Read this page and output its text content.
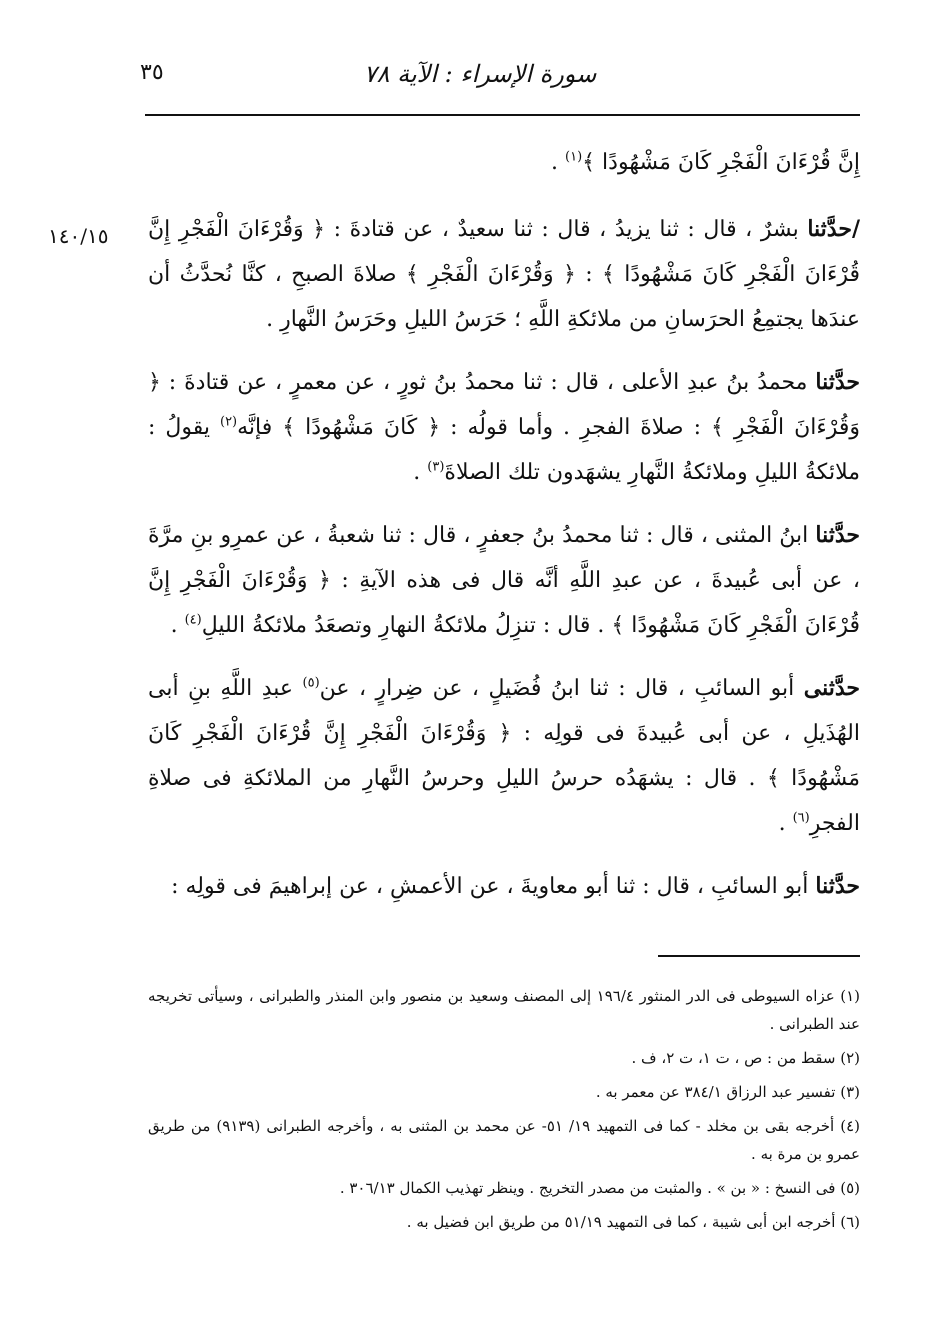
سورة الإسراء : الآية ٧٨
٣٥
١٤٠/١٥

إِنَّ قُرْءَانَ الْفَجْرِ كَانَ مَشْهُودًا ﴾$^{(١)}$ .

/حدَّثنا بشرٌ ، قال : ثنا يزيدُ ، قال : ثنا سعيدٌ ، عن قتادةَ : ﴿ وَقُرْءَانَ الْفَجْرِ إِنَّ قُرْءَانَ الْفَجْرِ كَانَ مَشْهُودًا ﴾ : ﴿ وَقُرْءَانَ الْفَجْرِ ﴾ صلاةَ الصبحِ ، كنَّا نُحدَّثُ أن عندَها يجتمِعُ الحرَسانِ من ملائكةِ اللَّهِ ؛ حَرَسُ الليلِ وحَرَسُ النَّهارِ .

حدَّثنا محمدُ بنُ عبدِ الأعلى ، قال : ثنا محمدُ بنُ ثورٍ ، عن معمرٍ ، عن قتادةَ : ﴿ وَقُرْءَانَ الْفَجْرِ ﴾ : صلاةَ الفجرِ . وأما قولُه : ﴿ كَانَ مَشْهُودًا ﴾ فإنَّه$^{(٢)}$ يقولُ : ملائكةُ الليلِ وملائكةُ النَّهارِ يشهَدون تلك الصلاةَ$^{(٣)}$ .

حدَّثنا ابنُ المثنى ، قال : ثنا محمدُ بنُ جعفرٍ ، قال : ثنا شعبةُ ، عن عمرِو بنِ مرَّةَ ، عن أبى عُبيدةَ ، عن عبدِ اللَّهِ أنَّه قال فى هذه الآيةِ : ﴿ وَقُرْءَانَ الْفَجْرِ إِنَّ قُرْءَانَ الْفَجْرِ كَانَ مَشْهُودًا ﴾ . قال : تنزِلُ ملائكةُ النهارِ وتصعَدُ ملائكةُ الليلِ$^{(٤)}$ .

حدَّثنى أبو السائبِ ، قال : ثنا ابنُ فُضَيلٍ ، عن ضِرارٍ ، عن$^{(٥)}$ عبدِ اللَّهِ بنِ أبى الهُذَيلِ ، عن أبى عُبيدةَ فى قولِه : ﴿ وَقُرْءَانَ الْفَجْرِ إِنَّ قُرْءَانَ الْفَجْرِ كَانَ مَشْهُودًا ﴾ . قال : يشهَدُه حرسُ الليلِ وحرسُ النَّهارِ من الملائكةِ فى صلاةِ الفجرِ$^{(٦)}$ .

حدَّثنا أبو السائبِ ، قال : ثنا أبو معاويةَ ، عن الأعمشِ ، عن إبراهيمَ فى قولِه :

(١) عزاه السيوطى فى الدر المنثور ١٩٦/٤ إلى المصنف وسعيد بن منصور وابن المنذر والطبرانى ، وسيأتى تخريجه عند الطبرانى .

(٢) سقط من : ص ، ت ١، ت ٢، ف .

(٣) تفسير عبد الرزاق ٣٨٤/١ عن معمر به .

(٤) أخرجه بقى بن مخلد - كما فى التمهيد ١٩/ ٥١- عن محمد بن المثنى به ، وأخرجه الطبرانى (٩١٣٩) من طريق عمرو بن مرة به .

(٥) فى النسخ : « بن » . والمثبت من مصدر التخريج . وينظر تهذيب الكمال ٣٠٦/١٣ .

(٦) أخرجه ابن أبى شيبة ، كما فى التمهيد ٥١/١٩ من طريق ابن فضيل به .
